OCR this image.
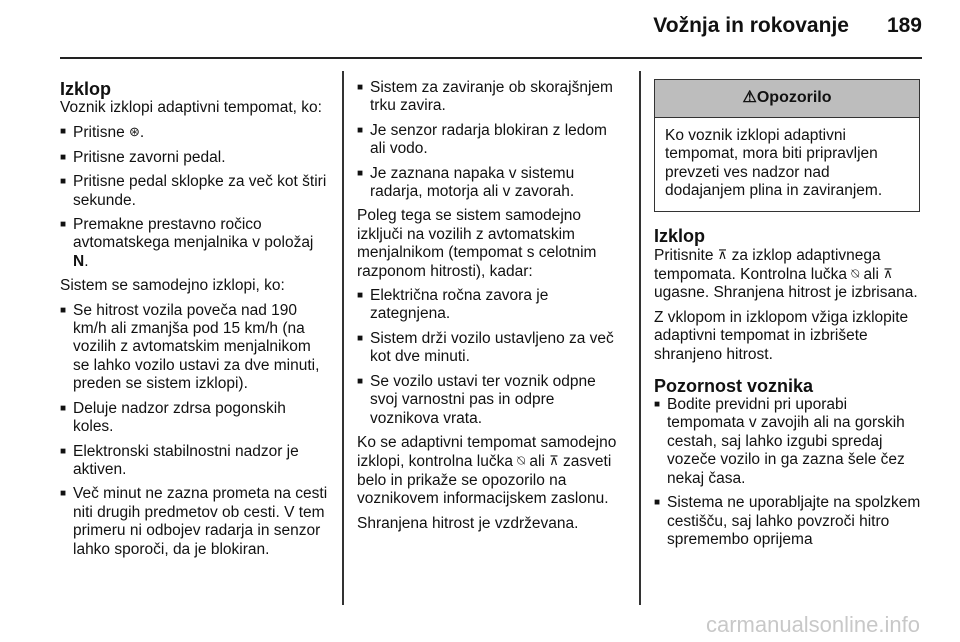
Vožnja in rokovanje 189
Izklop

Voznik izklopi adaptivni tempomat, ko:

■ Pritisne ⊛.
■ Pritisne zavorni pedal.
■ Pritisne pedal sklopke za več kot štiri sekunde.
■ Premakne prestavno ročico avtomatskega menjalnika v položaj N.

Sistem se samodejno izklopi, ko:

■ Se hitrost vozila poveča nad 190 km/h ali zmanjša pod 15 km/h (na vozilih z avtomatskim menjalnikom se lahko vozilo ustavi za dve minuti, preden se sistem izklopi).
■ Deluje nadzor zdrsa pogonskih koles.
■ Elektronski stabilnostni nadzor je aktiven.
■ Več minut ne zazna prometa na cesti niti drugih predmetov ob cesti. V tem primeru ni odbojev radarja in senzor lahko sporoči, da je blokiran.
■ Sistem za zaviranje ob skorajšnjem trku zavira.
■ Je senzor radarja blokiran z ledom ali vodo.
■ Je zaznana napaka v sistemu radarja, motorja ali v zavorah.

Poleg tega se sistem samodejno izključi na vozilih z avtomatskim menjalnikom (tempomat s celotnim razponom hitrosti), kadar:

■ Električna ročna zavora je zategnjena.
■ Sistem drži vozilo ustavljeno za več kot dve minuti.
■ Se vozilo ustavi ter voznik odpne svoj varnostni pas in odpre voznikova vrata.

Ko se adaptivni tempomat samodejno izklopi, kontrolna lučka ⍉ ali ⊼ zasveti belo in prikaže se opozorilo na voznikovem informacijskem zaslonu.

Shranjena hitrost je vzdrževana.

⚠ Opozorilo
Ko voznik izklopi adaptivni tempomat, mora biti pripravljen prevzeti ves nadzor nad dodajanjem plina in zaviranjem.
Izklop

Pritisnite ⊼ za izklop adaptivnega tempomata. Kontrolna lučka ⍉ ali ⊼ ugasne. Shranjena hitrost je izbrisana.

Z vklopom in izklopom vžiga izklopite adaptivni tempomat in izbrišete shranjeno hitrost.

Pozornost voznika
■ Bodite previdni pri uporabi tempomata v zavojih ali na gorskih cestah, saj lahko izgubi spredaj vozeče vozilo in ga zazna šele čez nekaj časa.
■ Sistema ne uporabljajte na spolzkem cestišču, saj lahko povzroči hitro spremembo oprijema
carmanualsonline.info
